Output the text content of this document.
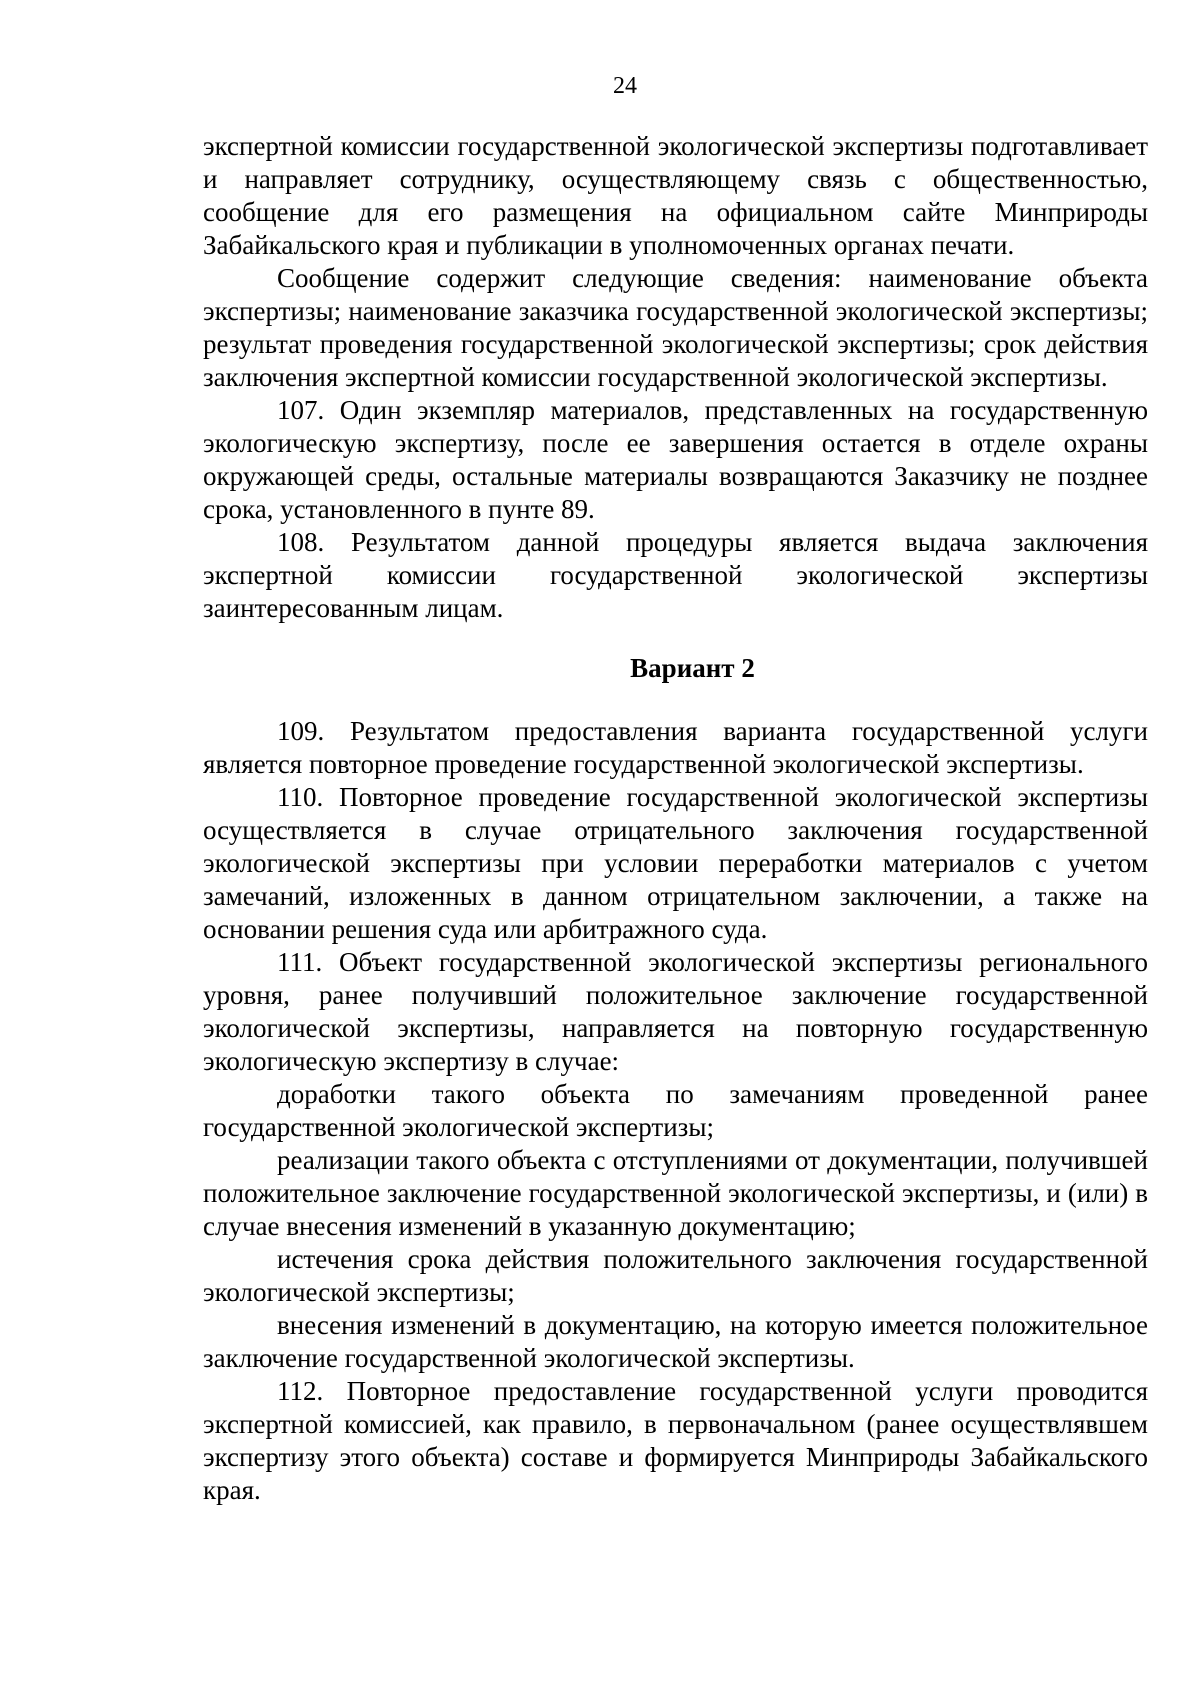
24

экспертной комиссии государственной экологической экспертизы подготавливает и направляет сотруднику, осуществляющему связь с общественностью, сообщение для его размещения на официальном сайте Минприроды Забайкальского края и публикации в уполномоченных органах печати.

Сообщение содержит следующие сведения: наименование объекта экспертизы; наименование заказчика государственной экологической экспертизы; результат проведения государственной экологической экспертизы; срок действия заключения экспертной комиссии государственной экологической экспертизы.

107. Один экземпляр материалов, представленных на государственную экологическую экспертизу, после ее завершения остается в отделе охраны окружающей среды, остальные материалы возвращаются Заказчику не позднее срока, установленного в пунте 89.

108. Результатом данной процедуры является выдача заключения экспертной комиссии государственной экологической экспертизы заинтересованным лицам.

Вариант 2

109. Результатом предоставления варианта государственной услуги является повторное проведение государственной экологической экспертизы.

110. Повторное проведение государственной экологической экспертизы осуществляется в случае отрицательного заключения государственной экологической экспертизы при условии переработки материалов с учетом замечаний, изложенных в данном отрицательном заключении, а также на основании решения суда или арбитражного суда.

111. Объект государственной экологической экспертизы регионального уровня, ранее получивший положительное заключение государственной экологической экспертизы, направляется на повторную государственную экологическую экспертизу в случае:

доработки такого объекта по замечаниям проведенной ранее государственной экологической экспертизы;

реализации такого объекта с отступлениями от документации, получившей положительное заключение государственной экологической экспертизы, и (или) в случае внесения изменений в указанную документацию;

истечения срока действия положительного заключения государственной экологической экспертизы;

внесения изменений в документацию, на которую имеется положительное заключение государственной экологической экспертизы.

112. Повторное предоставление государственной услуги проводится экспертной комиссией, как правило, в первоначальном (ранее осуществлявшем экспертизу этого объекта) составе и формируется Минприроды Забайкальского края.
